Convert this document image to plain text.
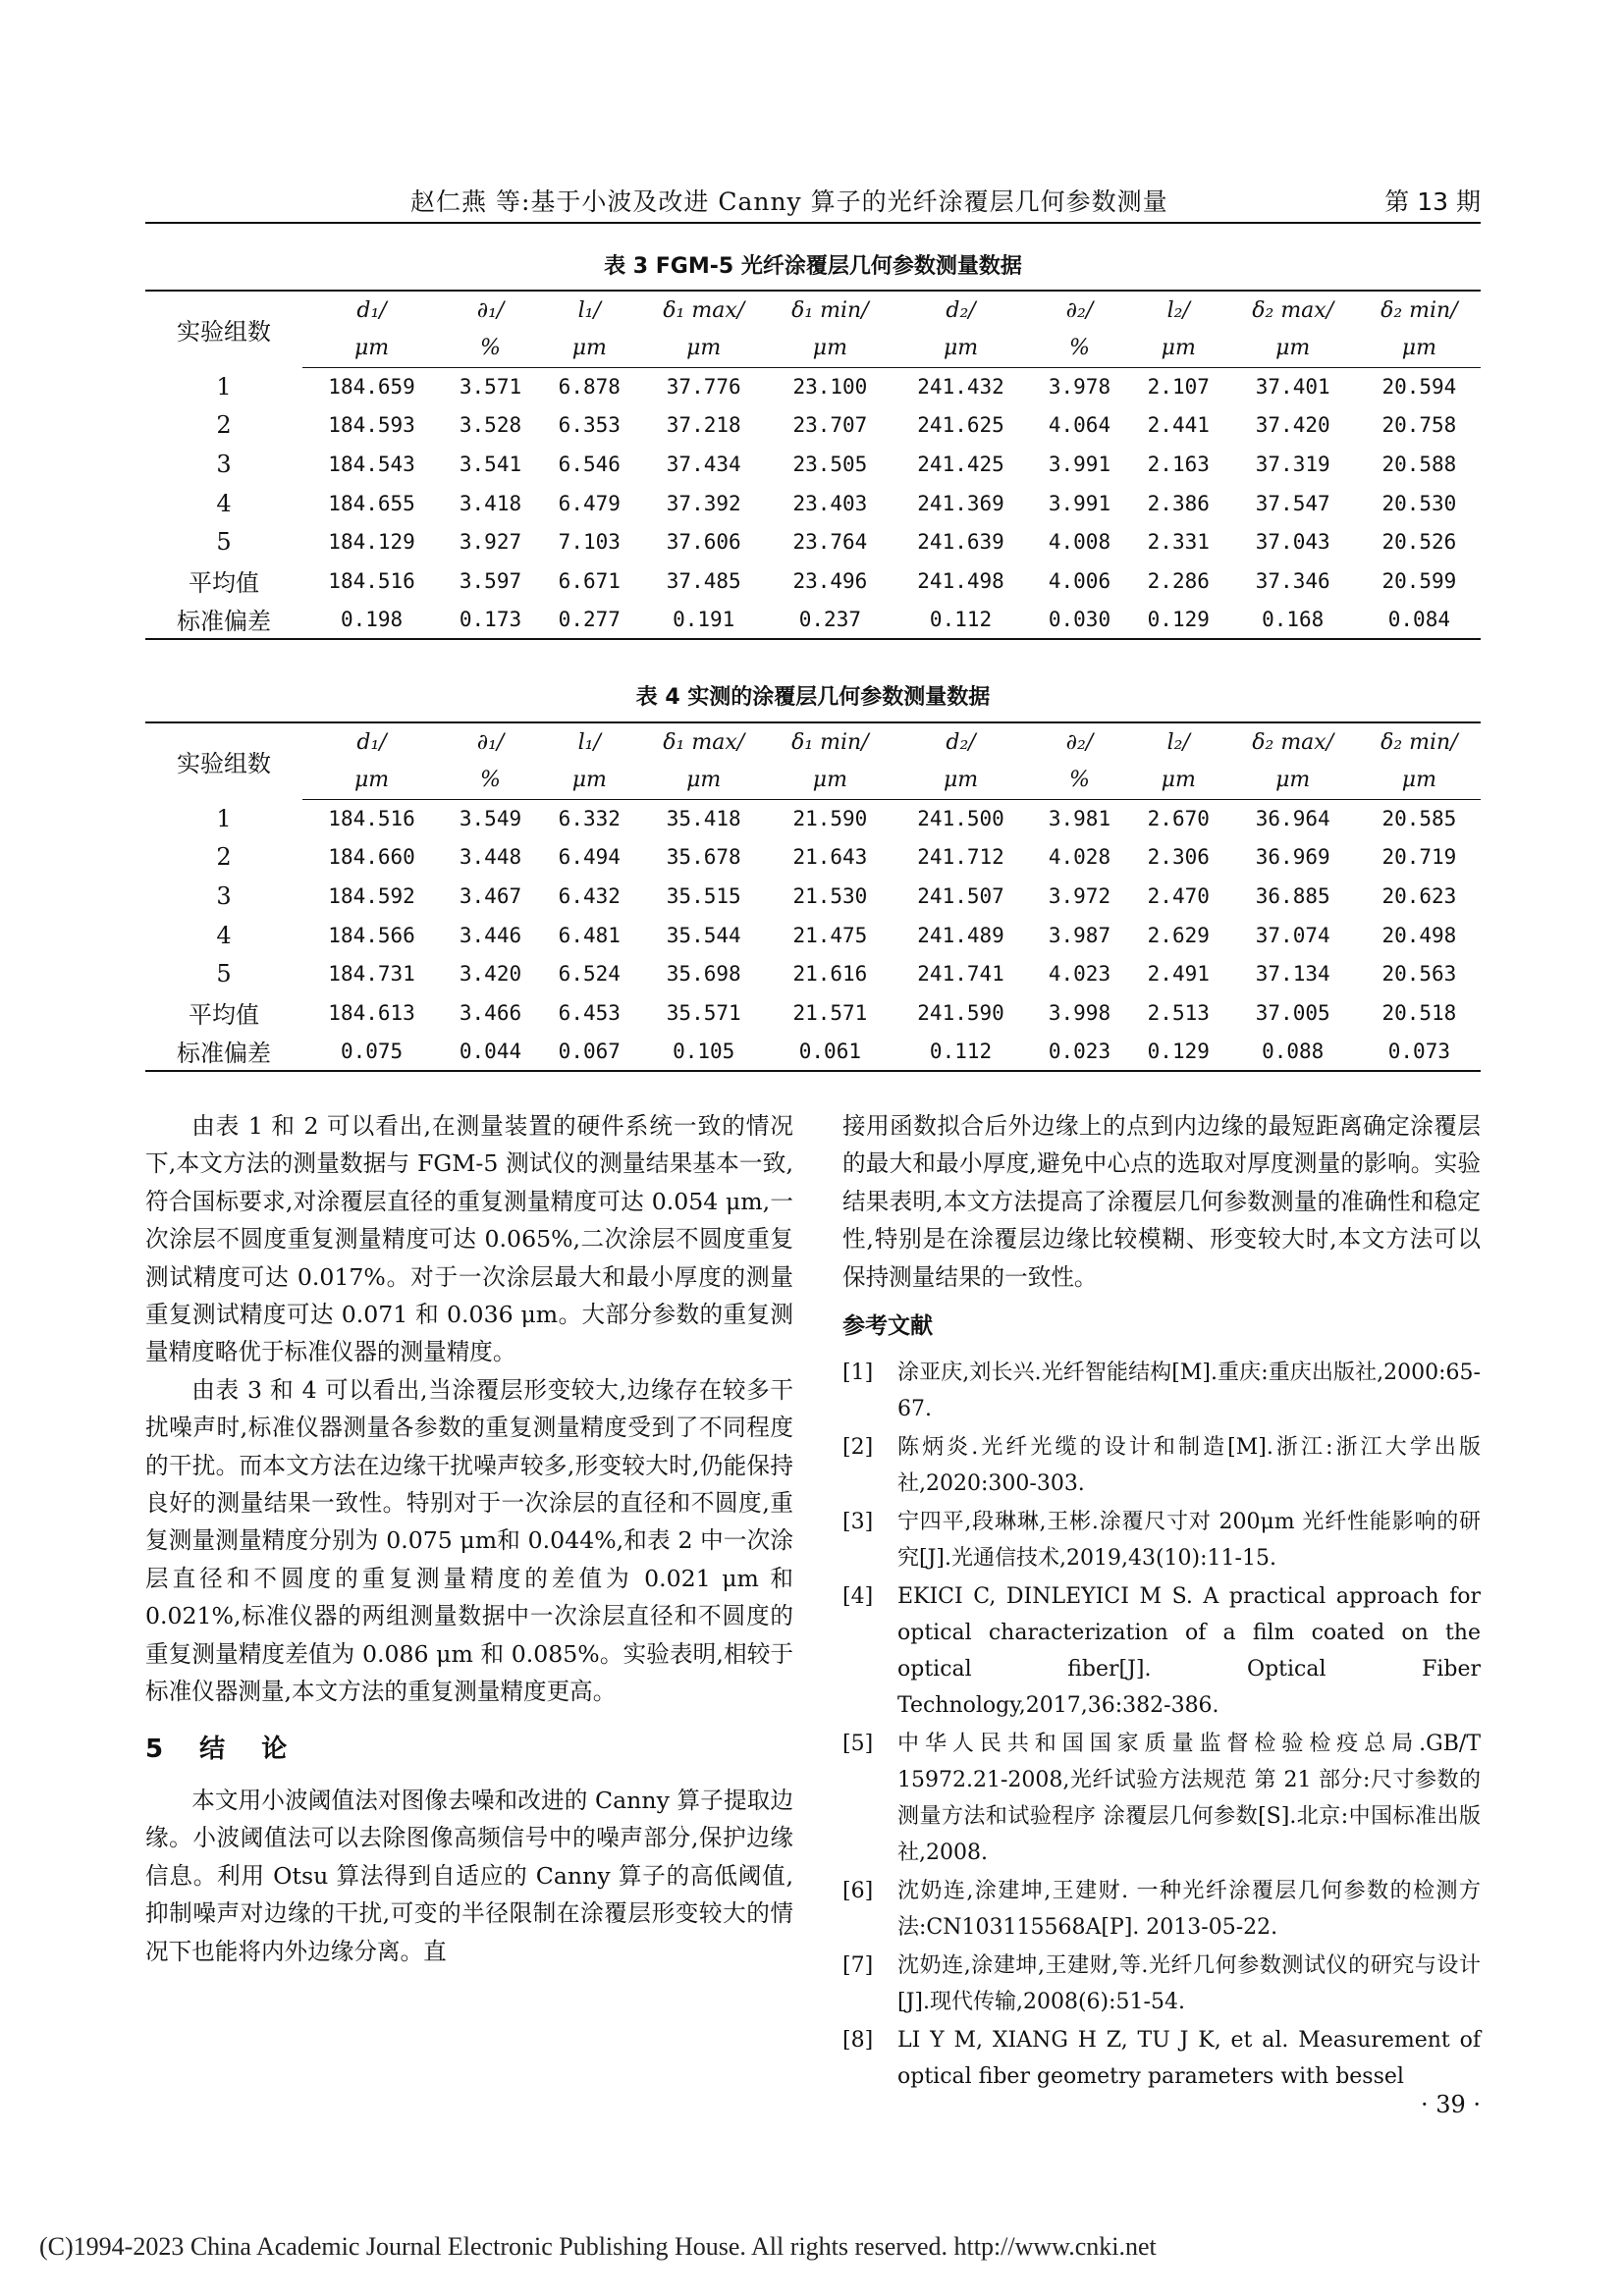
赵仁燕 等:基于小波及改进 Canny 算子的光纤涂覆层几何参数测量	第 13 期
表 3 FGM-5 光纤涂覆层几何参数测量数据
实验组数	d₁/	∂₁/	l₁/	δ₁ max/	δ₁ min/	d₂/	∂₂/	l₂/	δ₂ max/	δ₂ min/
	μm	%	μm	μm	μm	μm	%	μm	μm	μm
1	184.659	3.571	6.878	37.776	23.100	241.432	3.978	2.107	37.401	20.594
2	184.593	3.528	6.353	37.218	23.707	241.625	4.064	2.441	37.420	20.758
3	184.543	3.541	6.546	37.434	23.505	241.425	3.991	2.163	37.319	20.588
4	184.655	3.418	6.479	37.392	23.403	241.369	3.991	2.386	37.547	20.530
5	184.129	3.927	7.103	37.606	23.764	241.639	4.008	2.331	37.043	20.526
平均值	184.516	3.597	6.671	37.485	23.496	241.498	4.006	2.286	37.346	20.599
标准偏差	0.198	0.173	0.277	0.191	0.237	0.112	0.030	0.129	0.168	0.084
表 4 实测的涂覆层几何参数测量数据
实验组数	d₁/	∂₁/	l₁/	δ₁ max/	δ₁ min/	d₂/	∂₂/	l₂/	δ₂ max/	δ₂ min/
	μm	%	μm	μm	μm	μm	%	μm	μm	μm
1	184.516	3.549	6.332	35.418	21.590	241.500	3.981	2.670	36.964	20.585
2	184.660	3.448	6.494	35.678	21.643	241.712	4.028	2.306	36.969	20.719
3	184.592	3.467	6.432	35.515	21.530	241.507	3.972	2.470	36.885	20.623
4	184.566	3.446	6.481	35.544	21.475	241.489	3.987	2.629	37.074	20.498
5	184.731	3.420	6.524	35.698	21.616	241.741	4.023	2.491	37.134	20.563
平均值	184.613	3.466	6.453	35.571	21.571	241.590	3.998	2.513	37.005	20.518
标准偏差	0.075	0.044	0.067	0.105	0.061	0.112	0.023	0.129	0.088	0.073

由表 1 和 2 可以看出,在测量装置的硬件系统一致的情况下,本文方法的测量数据与 FGM-5 测试仪的测量结果基本一致,符合国标要求,对涂覆层直径的重复测量精度可达 0.054 μm,一次涂层不圆度重复测量精度可达 0.065%,二次涂层不圆度重复测试精度可达 0.017%。对于一次涂层最大和最小厚度的测量重复测试精度可达 0.071 和 0.036 μm。大部分参数的重复测量精度略优于标准仪器的测量精度。

由表 3 和 4 可以看出,当涂覆层形变较大,边缘存在较多干扰噪声时,标准仪器测量各参数的重复测量精度受到了不同程度的干扰。而本文方法在边缘干扰噪声较多,形变较大时,仍能保持良好的测量结果一致性。特别对于一次涂层的直径和不圆度,重复测量测量精度分别为 0.075 μm和 0.044%,和表 2 中一次涂层直径和不圆度的重复测量精度的差值为 0.021 μm 和 0.021%,标准仪器的两组测量数据中一次涂层直径和不圆度的重复测量精度差值为 0.086 μm 和 0.085%。实验表明,相较于标准仪器测量,本文方法的重复测量精度更高。

5 结 论

本文用小波阈值法对图像去噪和改进的 Canny 算子提取边缘。小波阈值法可以去除图像高频信号中的噪声部分,保护边缘信息。利用 Otsu 算法得到自适应的 Canny 算子的高低阈值,抑制噪声对边缘的干扰,可变的半径限制在涂覆层形变较大的情况下也能将内外边缘分离。直

接用函数拟合后外边缘上的点到内边缘的最短距离确定涂覆层的最大和最小厚度,避免中心点的选取对厚度测量的影响。实验结果表明,本文方法提高了涂覆层几何参数测量的准确性和稳定性,特别是在涂覆层边缘比较模糊、形变较大时,本文方法可以保持测量结果的一致性。

参考文献
[1]	涂亚庆,刘长兴.光纤智能结构[M].重庆:重庆出版社,2000:65-67.
[2]	陈炳炎.光纤光缆的设计和制造[M].浙江:浙江大学出版社,2020:300-303.
[3]	宁四平,段琳琳,王彬.涂覆尺寸对 200μm 光纤性能影响的研究[J].光通信技术,2019,43(10):11-15.
[4]	EKICI C, DINLEYICI M S. A practical approach for optical characterization of a film coated on the optical fiber[J]. Optical Fiber Technology,2017,36:382-386.
[5]	中华人民共和国国家质量监督检验检疫总局.GB/T 15972.21-2008,光纤试验方法规范 第 21 部分:尺寸参数的测量方法和试验程序 涂覆层几何参数[S].北京:中国标准出版社,2008.
[6]	沈奶连,涂建坤,王建财. 一种光纤涂覆层几何参数的检测方法:CN103115568A[P]. 2013-05-22.
[7]	沈奶连,涂建坤,王建财,等.光纤几何参数测试仪的研究与设计[J].现代传输,2008(6):51-54.
[8]	LI Y M, XIANG H Z, TU J K, et al. Measurement of optical fiber geometry parameters with bessel
· 39 ·
(C)1994-2023 China Academic Journal Electronic Publishing House. All rights reserved. http://www.cnki.net
